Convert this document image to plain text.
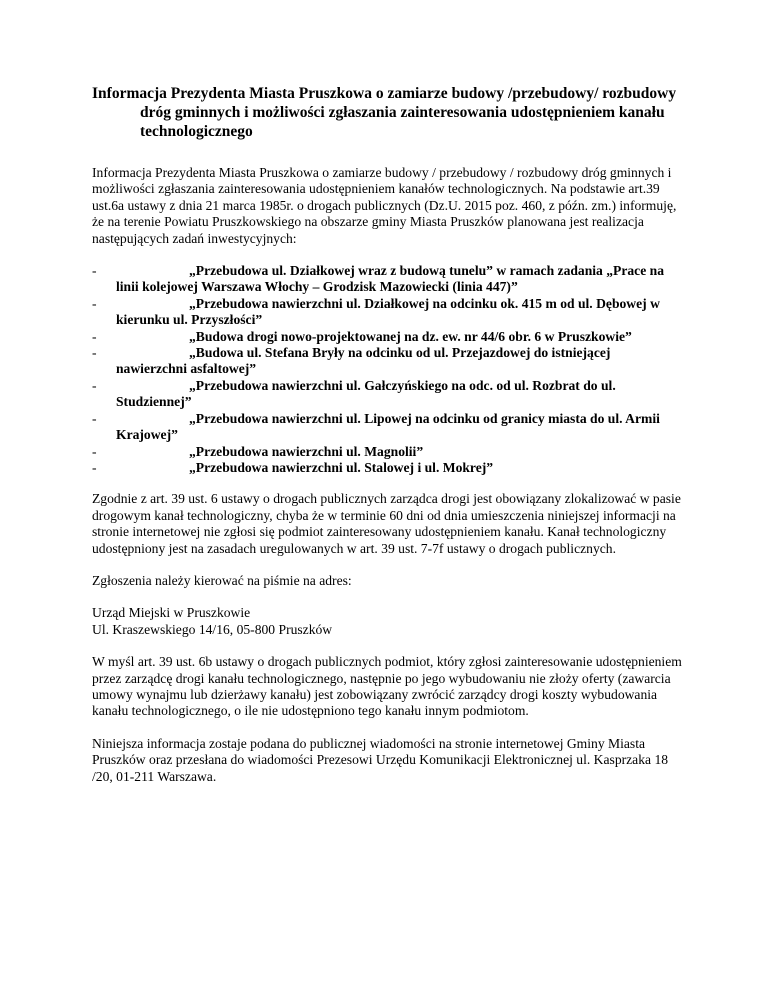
Informacja Prezydenta Miasta Pruszkowa o zamiarze budowy /przebudowy/ rozbudowy dróg gminnych i możliwości zgłaszania zainteresowania udostępnieniem kanału technologicznego

Informacja Prezydenta Miasta Pruszkowa o zamiarze budowy / przebudowy / rozbudowy dróg gminnych i możliwości zgłaszania zainteresowania udostępnieniem kanałów technologicznych. Na podstawie art.39 ust.6a ustawy z dnia 21 marca 1985r. o drogach publicznych (Dz.U. 2015 poz. 460, z późn. zm.) informuję, że na terenie Powiatu Pruszkowskiego na obszarze gminy Miasta Pruszków planowana jest realizacja następujących zadań inwestycyjnych:

-	„Przebudowa ul. Działkowej wraz z budową tunelu” w ramach zadania „Prace na linii kolejowej Warszawa Włochy – Grodzisk Mazowiecki (linia 447)”
-	„Przebudowa nawierzchni ul. Działkowej na odcinku ok. 415 m od ul. Dębowej w kierunku ul. Przyszłości”
-	„Budowa drogi nowo-projektowanej na dz. ew. nr 44/6 obr. 6 w Pruszkowie”
-	„Budowa ul. Stefana Bryły na odcinku od ul. Przejazdowej do istniejącej nawierzchni asfaltowej”
-	„Przebudowa nawierzchni ul. Gałczyńskiego na odc. od ul. Rozbrat do ul. Studziennej”
-	„Przebudowa nawierzchni ul. Lipowej na odcinku od granicy miasta do ul. Armii Krajowej”
-	„Przebudowa nawierzchni ul. Magnolii”
-	„Przebudowa nawierzchni ul. Stalowej i ul. Mokrej”

Zgodnie z art. 39 ust. 6 ustawy o drogach publicznych zarządca drogi jest obowiązany zlokalizować w pasie drogowym kanał technologiczny, chyba że w terminie 60 dni od dnia umieszczenia niniejszej informacji na stronie internetowej nie zgłosi się podmiot zainteresowany udostępnieniem kanału. Kanał technologiczny udostępniony jest na zasadach uregulowanych w art. 39 ust. 7-7f ustawy o drogach publicznych.

Zgłoszenia należy kierować na piśmie na adres:

Urząd Miejski w Pruszkowie
Ul. Kraszewskiego 14/16, 05-800 Pruszków

W myśl art. 39 ust. 6b ustawy o drogach publicznych podmiot, który zgłosi zainteresowanie udostępnieniem przez zarządcę drogi kanału technologicznego, następnie po jego wybudowaniu nie złoży oferty (zawarcia umowy wynajmu lub dzierżawy kanału) jest zobowiązany zwrócić zarządcy drogi koszty wybudowania kanału technologicznego, o ile nie udostępniono tego kanału innym podmiotom.

Niniejsza informacja zostaje podana do publicznej wiadomości na stronie internetowej Gminy Miasta Pruszków oraz przesłana do wiadomości Prezesowi Urzędu Komunikacji Elektronicznej ul. Kasprzaka 18 /20, 01-211 Warszawa.
